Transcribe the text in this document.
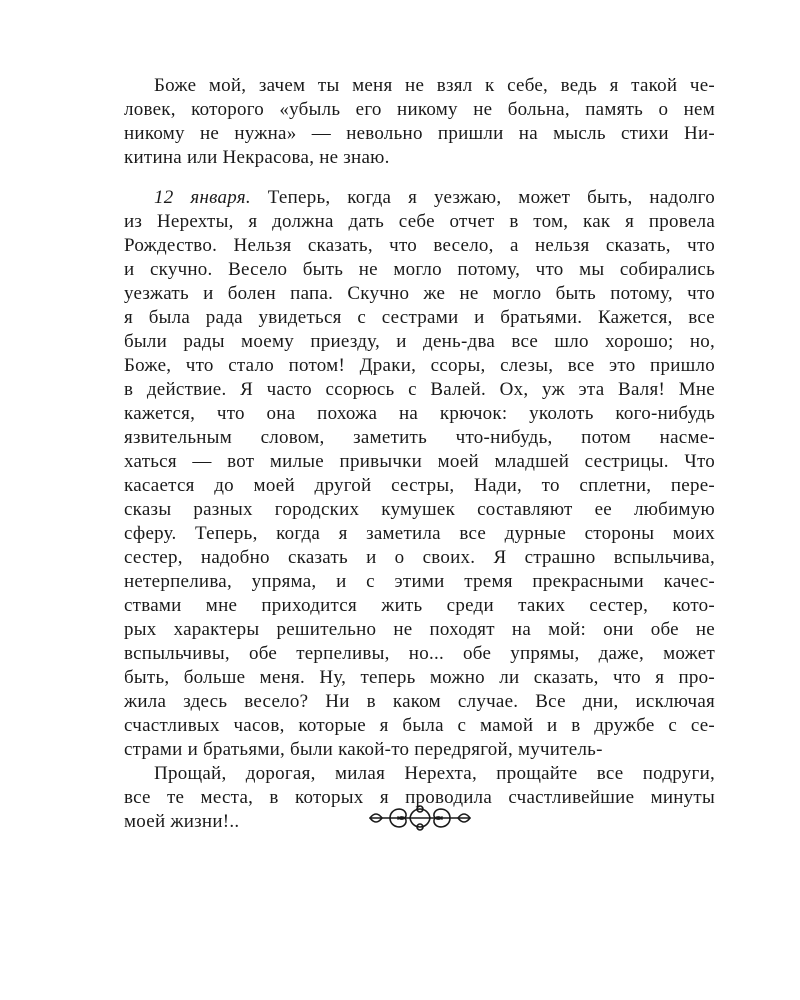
Боже мой, зачем ты меня не взял к себе, ведь я такой че-
ловек, которого «убыль его никому не больна, память о нем
никому не нужна» — невольно пришли на мысль стихи Ни-
китина или Некрасова, не знаю.
12 января. Теперь, когда я уезжаю, может быть, надолго
из Нерехты, я должна дать себе отчет в том, как я провела
Рождество. Нельзя сказать, что весело, а нельзя сказать, что
и скучно. Весело быть не могло потому, что мы собирались
уезжать и болен папа. Скучно же не могло быть потому, что
я была рада увидеться с сестрами и братьями. Кажется, все
были рады моему приезду, и день-два все шло хорошо; но,
Боже, что стало потом! Драки, ссоры, слезы, все это пришло
в действие. Я часто ссорюсь с Валей. Ох, уж эта Валя! Мне
кажется, что она похожа на крючок: уколоть кого-нибудь
язвительным словом, заметить что-нибудь, потом насме-
хаться — вот милые привычки моей младшей сестрицы. Что
касается до моей другой сестры, Нади, то сплетни, пере-
сказы разных городских кумушек составляют ее любимую
сферу. Теперь, когда я заметила все дурные стороны моих
сестер, надобно сказать и о своих. Я страшно вспыльчива,
нетерпелива, упряма, и с этими тремя прекрасными качес-
ствами мне приходится жить среди таких сестер, кото-
рых характеры решительно не походят на мой: они обе не
вспыльчивы, обе терпеливы, но... обе упрямы, даже, может
быть, больше меня. Ну, теперь можно ли сказать, что я про-
жила здесь весело? Ни в каком случае. Все дни, исключая
счастливых часов, которые я была с мамой и в дружбе с се-
страми и братьями, были какой-то передрягой, мучитель-
Прощай, дорогая, милая Нерехта, прощайте все подруги,
все те места, в которых я проводила счастливейшие минуты
моей жизни!..
